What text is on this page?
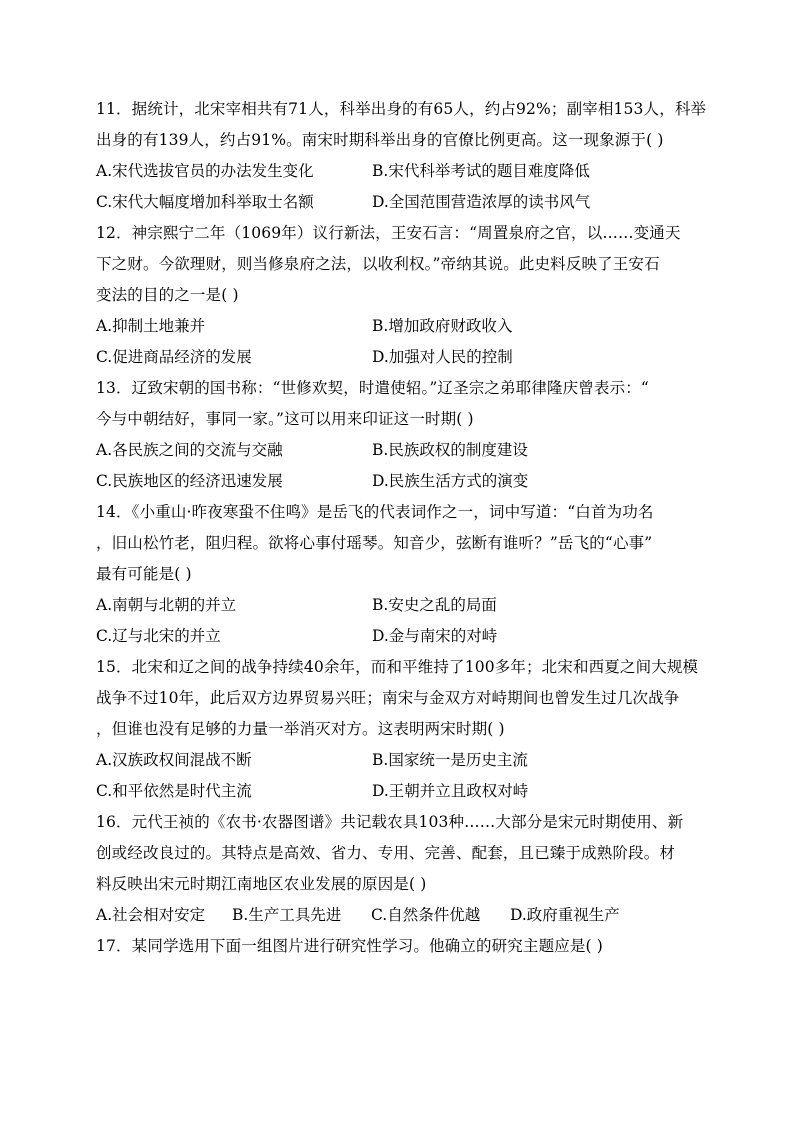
11．据统计，北宋宰相共有71人，科举出身的有65人，约占92%；副宰相153人，科举
出身的有139人，约占91%。南宋时期科举出身的官僚比例更高。这一现象源于( )
A.宋代选拔官员的办法发生变化	B.宋代科举考试的题目难度降低
C.宋代大幅度增加科举取士名额	D.全国范围营造浓厚的读书风气
12．神宗熙宁二年（1069年）议行新法，王安石言：“周置泉府之官，以……变通天
下之财。今欲理财，则当修泉府之法，以收利权。”帝纳其说。此史料反映了王安石
变法的目的之一是( )
A.抑制土地兼并	B.增加政府财政收入
C.促进商品经济的发展	D.加强对人民的控制
13．辽致宋朝的国书称：“世修欢契，时遣使轺。”辽圣宗之弟耶律隆庆曾表示：“
今与中朝结好，事同一家。”这可以用来印证这一时期( )
A.各民族之间的交流与交融	B.民族政权的制度建设
C.民族地区的经济迅速发展	D.民族生活方式的演变
14．《小重山·昨夜寒蛩不住鸣》是岳飞的代表词作之一，词中写道：“白首为功名
，旧山松竹老，阻归程。欲将心事付瑶琴。知音少，弦断有谁听？”岳飞的“心事”
最有可能是( )
A.南朝与北朝的并立	B.安史之乱的局面
C.辽与北宋的并立	D.金与南宋的对峙
15．北宋和辽之间的战争持续40余年，而和平维持了100多年；北宋和西夏之间大规模
战争不过10年，此后双方边界贸易兴旺；南宋与金双方对峙期间也曾发生过几次战争
，但谁也没有足够的力量一举消灭对方。这表明两宋时期( )
A.汉族政权间混战不断	B.国家统一是历史主流
C.和平依然是时代主流	D.王朝并立且政权对峙
16．元代王祯的《农书·农器图谱》共记载农具103种……大部分是宋元时期使用、新
创或经改良过的。其特点是高效、省力、专用、完善、配套，且已臻于成熟阶段。材
料反映出宋元时期江南地区农业发展的原因是( )
A.社会相对安定	B.生产工具先进	C.自然条件优越	D.政府重视生产
17．某同学选用下面一组图片进行研究性学习。他确立的研究主题应是( )
